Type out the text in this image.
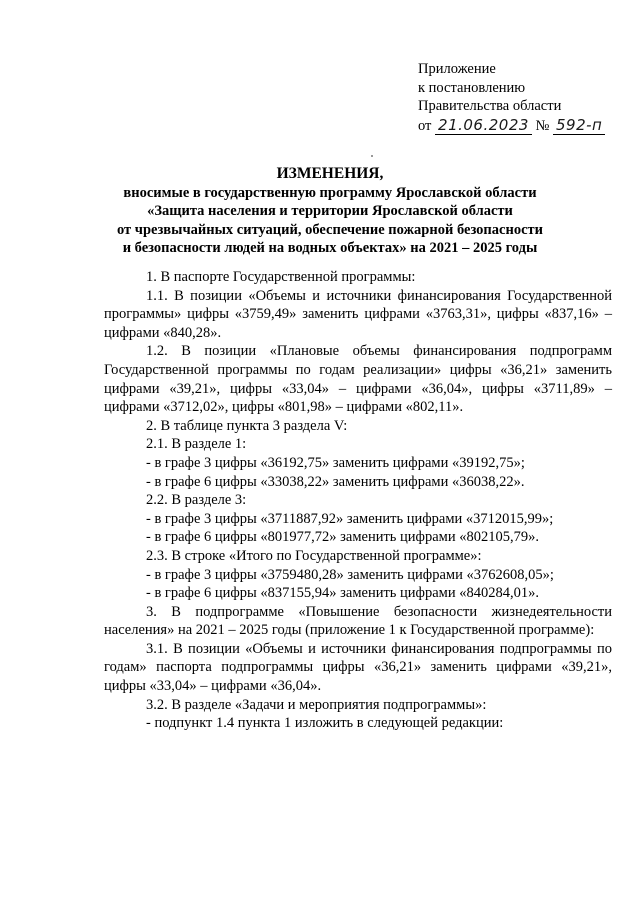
Приложение
к постановлению
Правительства области
от 21.06.2023 № 592-п
ИЗМЕНЕНИЯ,
вносимые в государственную программу Ярославской области
«Защита населения и территории Ярославской области
от чрезвычайных ситуаций, обеспечение пожарной безопасности
и безопасности людей на водных объектах» на 2021 – 2025 годы

1. В паспорте Государственной программы:

1.1. В позиции «Объемы и источники финансирования Государственной программы» цифры «3759,49» заменить цифрами «3763,31», цифры «837,16» – цифрами «840,28».

1.2. В позиции «Плановые объемы финансирования подпрограмм Государственной программы по годам реализации» цифры «36,21» заменить цифрами «39,21», цифры «33,04» – цифрами «36,04», цифры «3711,89» – цифрами «3712,02», цифры «801,98» – цифрами «802,11».

2. В таблице пункта 3 раздела V:

2.1. В разделе 1:

- в графе 3 цифры «36192,75» заменить цифрами «39192,75»;

- в графе 6 цифры «33038,22» заменить цифрами «36038,22».

2.2. В разделе 3:

- в графе 3 цифры «3711887,92» заменить цифрами «3712015,99»;

- в графе 6 цифры «801977,72» заменить цифрами «802105,79».

2.3. В строке «Итого по Государственной программе»:

- в графе 3 цифры «3759480,28» заменить цифрами «3762608,05»;

- в графе 6 цифры «837155,94» заменить цифрами «840284,01».

3. В подпрограмме «Повышение безопасности жизнедеятельности населения» на 2021 – 2025 годы (приложение 1 к Государственной программе):

3.1. В позиции «Объемы и источники финансирования подпрограммы по годам» паспорта подпрограммы цифры «36,21» заменить цифрами «39,21», цифры «33,04» – цифрами «36,04».

3.2. В разделе «Задачи и мероприятия подпрограммы»:

- подпункт 1.4 пункта 1 изложить в следующей редакции:
